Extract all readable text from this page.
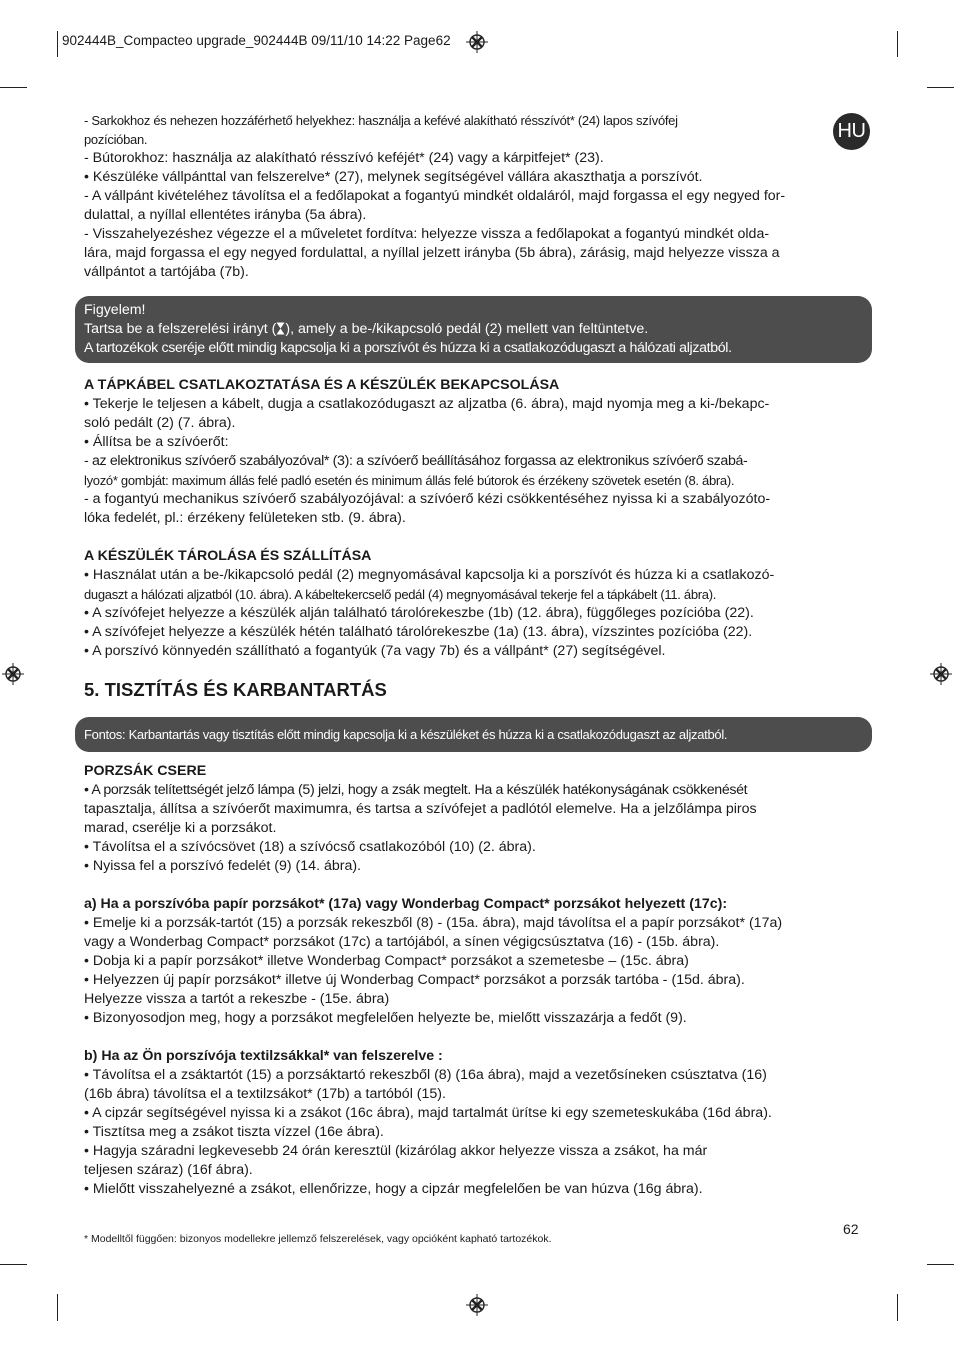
902444B_Compacteo upgrade_902444B 09/11/10 14:22 Page62
HU

- Sarkokhoz és nehezen hozzáférhető helyekhez: használja a kefévé alakítható résszívót* (24) lapos szívófej

pozícióban.

- Bútorokhoz: használja az alakítható résszívó keféjét* (24) vagy a kárpitfejet* (23).

• Készüléke vállpánttal van felszerelve* (27), melynek segítségével vállára akaszthatja a porszívót.

- A vállpánt kivételéhez távolítsa el a fedőlapokat a fogantyú mindkét oldaláról, majd forgassa el egy negyed for-

dulattal, a nyíllal ellentétes irányba (5a ábra).

- Visszahelyezéshez végezze el a műveletet fordítva: helyezze vissza a fedőlapokat a fogantyú mindkét olda-

lára, majd forgassa el egy negyed fordulattal, a nyíllal jelzett irányba (5b ábra), zárásig, majd helyezze vissza a

vállpántot a tartójába (7b).

Figyelem!

Tartsa be a felszerelési irányt ( ), amely a be-/kikapcsoló pedál (2) mellett van feltüntetve.

A tartozékok cseréje előtt mindig kapcsolja ki a porszívót és húzza ki a csatlakozódugaszt a hálózati aljzatból.

A TÁPKÁBEL CSATLAKOZTATÁSA ÉS A KÉSZÜLÉK BEKAPCSOLÁSA

• Tekerje le teljesen a kábelt, dugja a csatlakozódugaszt az aljzatba (6. ábra), majd nyomja meg a ki-/bekapc-

soló pedált (2) (7. ábra).

• Állítsa be a szívóerőt:

- az elektronikus szívóerő szabályozóval* (3): a szívóerő beállításához forgassa az elektronikus szívóerő szabá-

lyozó* gombját: maximum állás felé padló esetén és minimum állás felé bútorok és érzékeny szövetek esetén (8. ábra).

- a fogantyú mechanikus szívóerő szabályozójával: a szívóerő kézi csökkentéséhez nyissa ki a szabályozóto-

lóka fedelét, pl.: érzékeny felületeken stb. (9. ábra).

A KÉSZÜLÉK TÁROLÁSA ÉS SZÁLLÍTÁSA

• Használat után a be-/kikapcsoló pedál (2) megnyomásával kapcsolja ki a porszívót és húzza ki a csatlakozó-

dugaszt a hálózati aljzatból (10. ábra). A kábeltekercselő pedál (4) megnyomásával tekerje fel a tápkábelt (11. ábra).

• A szívófejet helyezze a készülék alján található tárolórekeszbe (1b) (12. ábra), függőleges pozícióba (22).

• A szívófejet helyezze a készülék hétén található tárolórekeszbe (1a) (13. ábra), vízszintes pozícióba (22).

• A porszívó könnyedén szállítható a fogantyúk (7a vagy 7b) és a vállpánt* (27) segítségével.

5. TISZTÍTÁS ÉS KARBANTARTÁS

Fontos: Karbantartás vagy tisztítás előtt mindig kapcsolja ki a készüléket és húzza ki a csatlakozódugaszt az aljzatból.

PORZSÁK CSERE

• A porzsák telítettségét jelző lámpa (5) jelzi, hogy a zsák megtelt. Ha a készülék hatékonyságának csökkenését

tapasztalja, állítsa a szívóerőt maximumra, és tartsa a szívófejet a padlótól elemelve. Ha a jelzőlámpa piros

marad, cserélje ki a porzsákot.

• Távolítsa el a szívócsövet (18) a szívócső csatlakozóból (10) (2. ábra).

• Nyissa fel a porszívó fedelét (9) (14. ábra).

a) Ha a porszívóba papír porzsákot* (17a) vagy Wonderbag Compact* porzsákot helyezett (17c):

• Emelje ki a porzsák-tartót (15) a porzsák rekeszből (8) - (15a. ábra), majd távolítsa el a papír porzsákot* (17a)

vagy a Wonderbag Compact* porzsákot (17c) a tartójából, a sínen végigcsúsztatva (16) - (15b. ábra).

• Dobja ki a papír porzsákot* illetve Wonderbag Compact* porzsákot a szemetesbe – (15c. ábra)

• Helyezzen új papír porzsákot* illetve új Wonderbag Compact* porzsákot a porzsák tartóba - (15d. ábra).

Helyezze vissza a tartót a rekeszbe - (15e. ábra)

• Bizonyosodjon meg, hogy a porzsákot megfelelően helyezte be, mielőtt visszazárja a fedőt (9).

b) Ha az Ön porszívója textilzsákkal* van felszerelve :

• Távolítsa el a zsáktartót (15) a porzsáktartó rekeszből (8) (16a ábra), majd a vezetősíneken csúsztatva (16)

(16b ábra) távolítsa el a textilzsákot* (17b) a tartóból (15).

• A cipzár segítségével nyissa ki a zsákot (16c ábra), majd tartalmát ürítse ki egy szemeteskukába (16d ábra).

• Tisztítsa meg a zsákot tiszta vízzel (16e ábra).

• Hagyja száradni legkevesebb 24 órán keresztül (kizárólag akkor helyezze vissza a zsákot, ha már

teljesen száraz) (16f ábra).

• Mielőtt visszahelyezné a zsákot, ellenőrizze, hogy a cipzár megfelelően be van húzva (16g ábra).

62
* Modelltől függően: bizonyos modellekre jellemző felszerelések, vagy opcióként kapható tartozékok.
